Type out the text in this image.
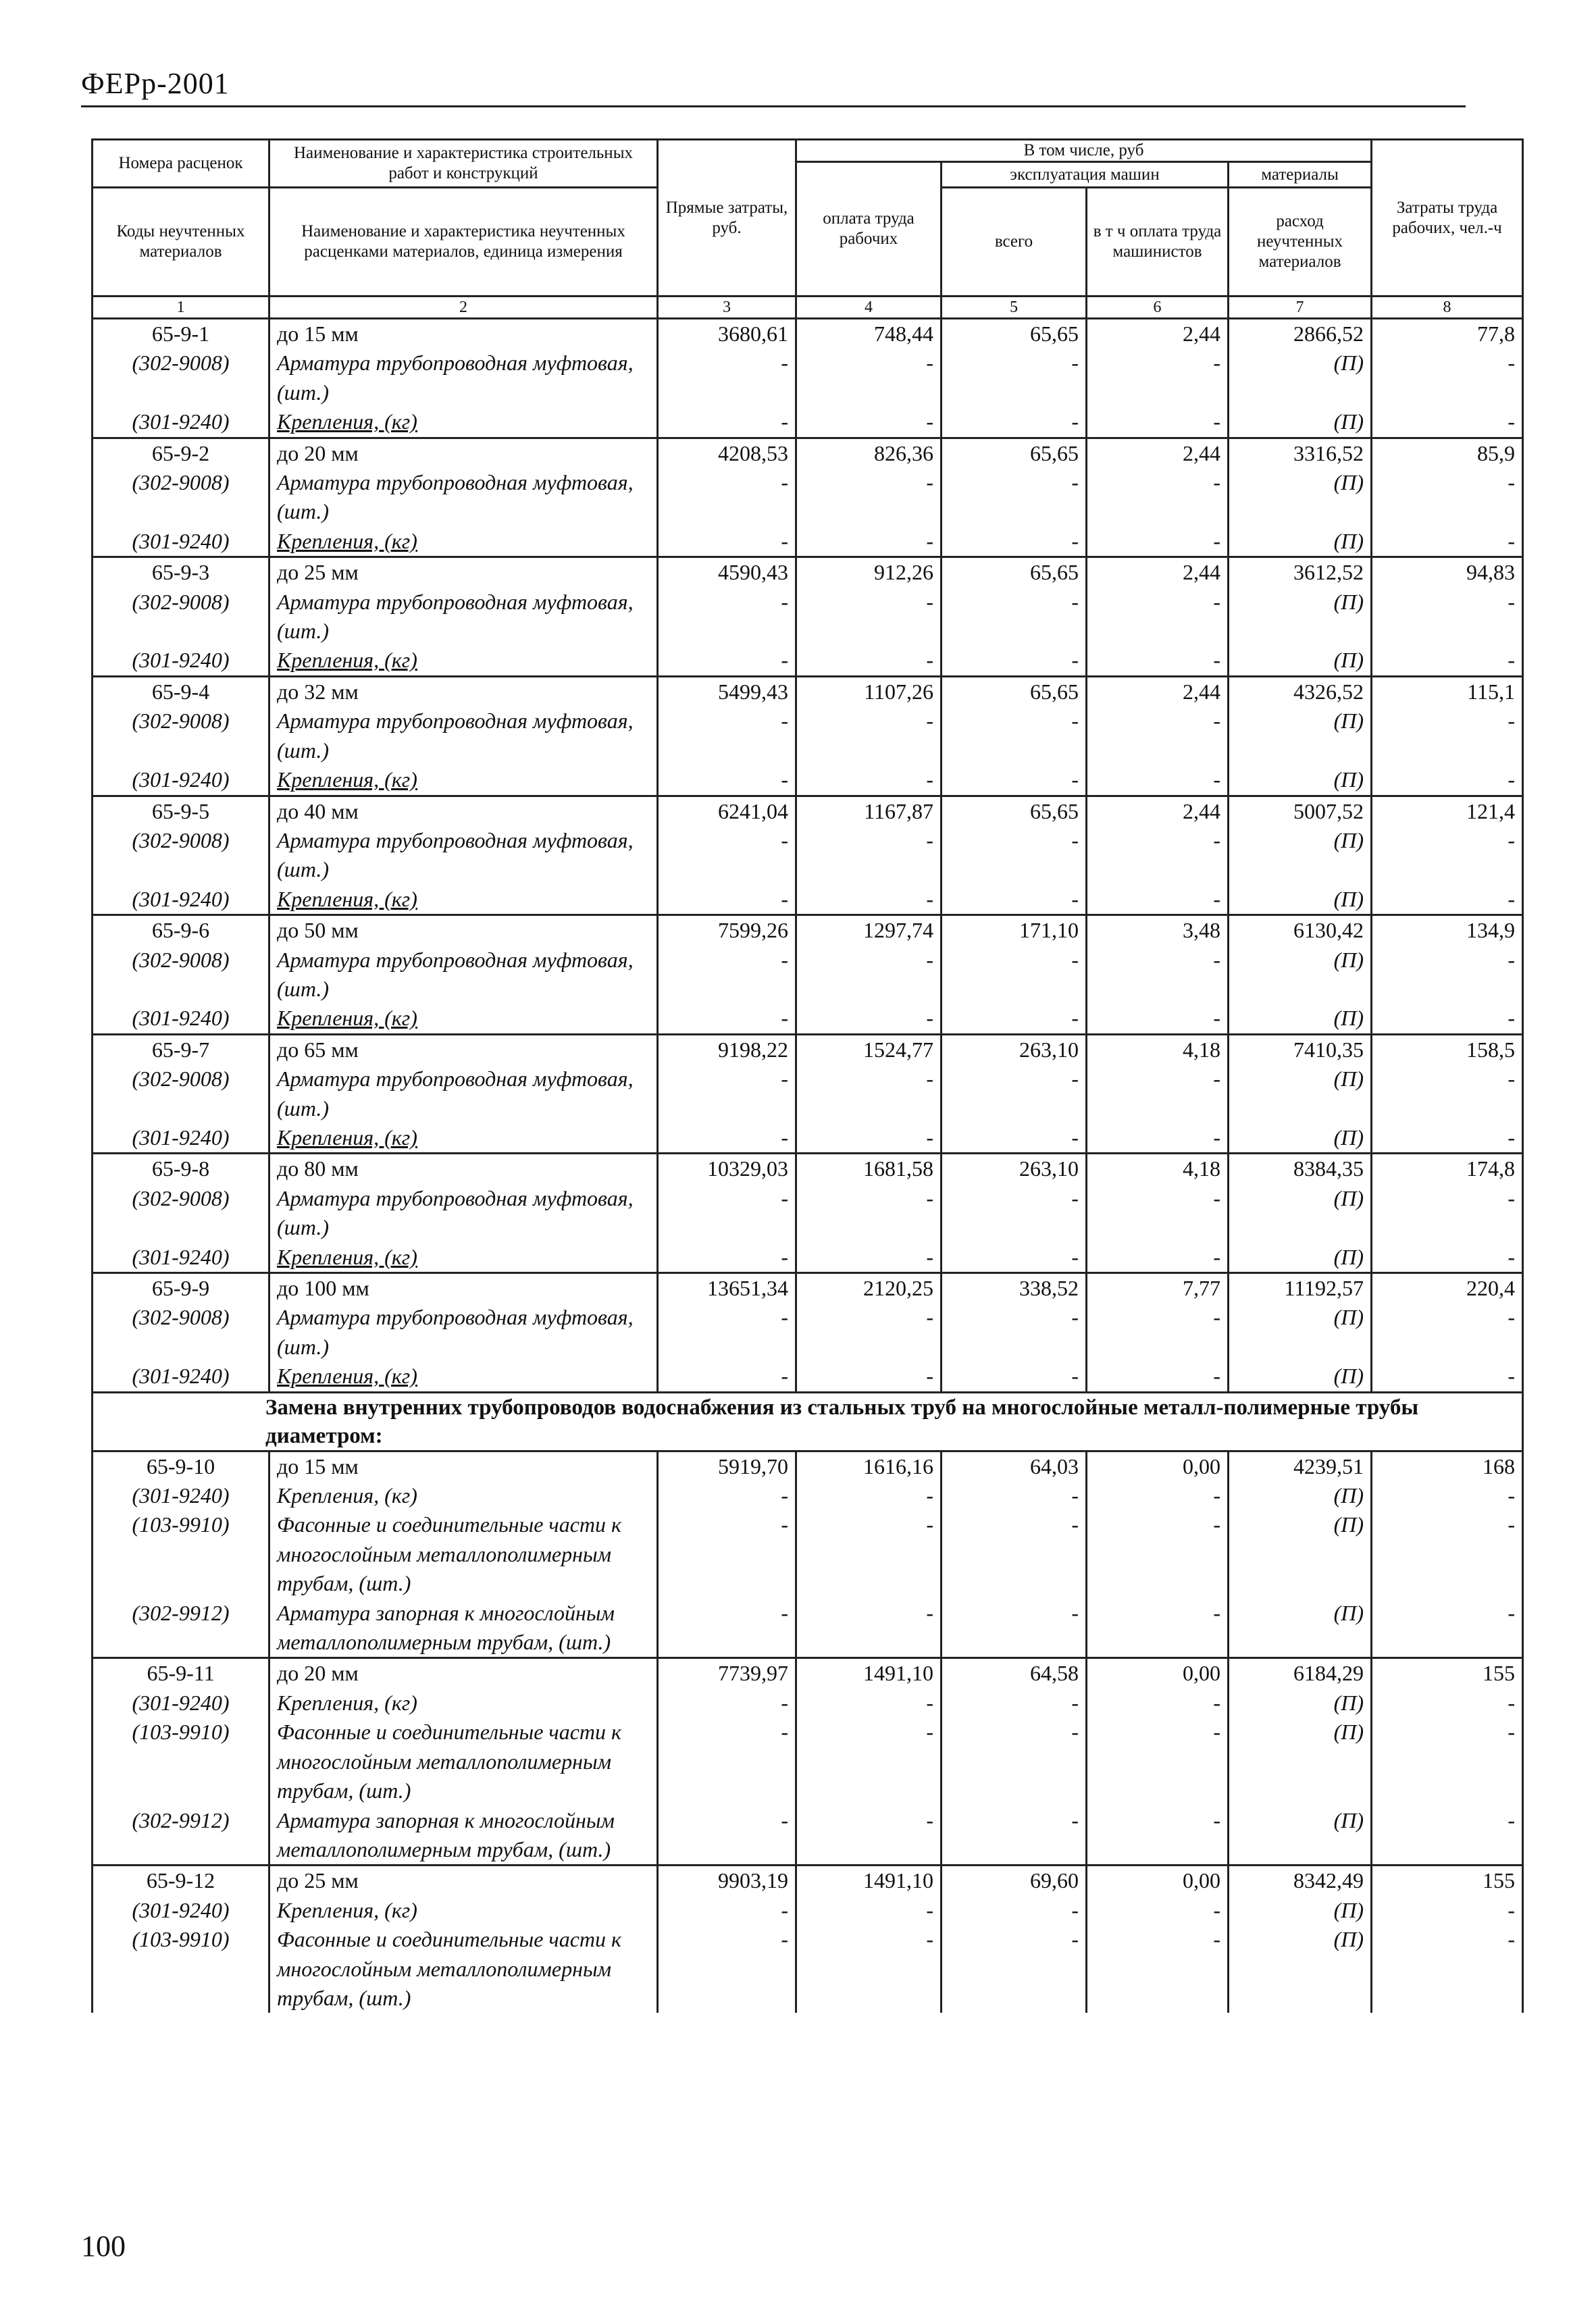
ФЕРр-2001
Номера расценок	Наименование и характеристика строительных работ и конструкций	Прямые затраты, руб.	В том числе, руб				Затраты труда рабочих, чел.-ч
			оплата труда рабочих	эксплуатация машин		материалы	
Коды неучтенных материалов	Наименование и характеристика неучтенных расценками материалов, единица измерения			всего	в т ч оплата труда машинистов	расход неучтенных материалов	

1	2	3	4	5	6	7	8
65-9-1	до 15 мм	3680,61	748,44	65,65	2,44	2866,52	77,8
(302-9008)	Арматура трубопроводная муфтовая, (шт.)	-	-	-	-	(П)	-
(301-9240)	Крепления, (кг)	-	-	-	-	(П)	-
65-9-2	до 20 мм	4208,53	826,36	65,65	2,44	3316,52	85,9
(302-9008)	Арматура трубопроводная муфтовая, (шт.)	-	-	-	-	(П)	-
(301-9240)	Крепления, (кг)	-	-	-	-	(П)	-
65-9-3	до 25 мм	4590,43	912,26	65,65	2,44	3612,52	94,83
(302-9008)	Арматура трубопроводная муфтовая, (шт.)	-	-	-	-	(П)	-
(301-9240)	Крепления, (кг)	-	-	-	-	(П)	-
65-9-4	до 32 мм	5499,43	1107,26	65,65	2,44	4326,52	115,1
(302-9008)	Арматура трубопроводная муфтовая, (шт.)	-	-	-	-	(П)	-
(301-9240)	Крепления, (кг)	-	-	-	-	(П)	-
65-9-5	до 40 мм	6241,04	1167,87	65,65	2,44	5007,52	121,4
(302-9008)	Арматура трубопроводная муфтовая, (шт.)	-	-	-	-	(П)	-
(301-9240)	Крепления, (кг)	-	-	-	-	(П)	-
65-9-6	до 50 мм	7599,26	1297,74	171,10	3,48	6130,42	134,9
(302-9008)	Арматура трубопроводная муфтовая, (шт.)	-	-	-	-	(П)	-
(301-9240)	Крепления, (кг)	-	-	-	-	(П)	-
65-9-7	до 65 мм	9198,22	1524,77	263,10	4,18	7410,35	158,5
(302-9008)	Арматура трубопроводная муфтовая, (шт.)	-	-	-	-	(П)	-
(301-9240)	Крепления, (кг)	-	-	-	-	(П)	-
65-9-8	до 80 мм	10329,03	1681,58	263,10	4,18	8384,35	174,8
(302-9008)	Арматура трубопроводная муфтовая, (шт.)	-	-	-	-	(П)	-
(301-9240)	Крепления, (кг)	-	-	-	-	(П)	-
65-9-9	до 100 мм	13651,34	2120,25	338,52	7,77	11192,57	220,4
(302-9008)	Арматура трубопроводная муфтовая, (шт.)	-	-	-	-	(П)	-
(301-9240)	Крепления, (кг)	-	-	-	-	(П)	-
Замена внутренних трубопроводов водоснабжения из стальных труб на многослойные металл-полимерные трубы диаметром:							
65-9-10	до 15 мм	5919,70	1616,16	64,03	0,00	4239,51	168
(301-9240)	Крепления, (кг)	-	-	-	-	(П)	-
(103-9910)	Фасонные и соединительные части к многослойным металлополимерным трубам, (шт.)	-	-	-	-	(П)	-
(302-9912)	Арматура запорная к многослойным металлополимерным трубам, (шт.)	-	-	-	-	(П)	-
65-9-11	до 20 мм	7739,97	1491,10	64,58	0,00	6184,29	155
(301-9240)	Крепления, (кг)	-	-	-	-	(П)	-
(103-9910)	Фасонные и соединительные части к многослойным металлополимерным трубам, (шт.)	-	-	-	-	(П)	-
(302-9912)	Арматура запорная к многослойным металлополимерным трубам, (шт.)	-	-	-	-	(П)	-
65-9-12	до 25 мм	9903,19	1491,10	69,60	0,00	8342,49	155
(301-9240)	Крепления, (кг)	-	-	-	-	(П)	-
(103-9910)	Фасонные и соединительные части к многослойным металлополимерным трубам, (шт.)	-	-	-	-	(П)	-
100
